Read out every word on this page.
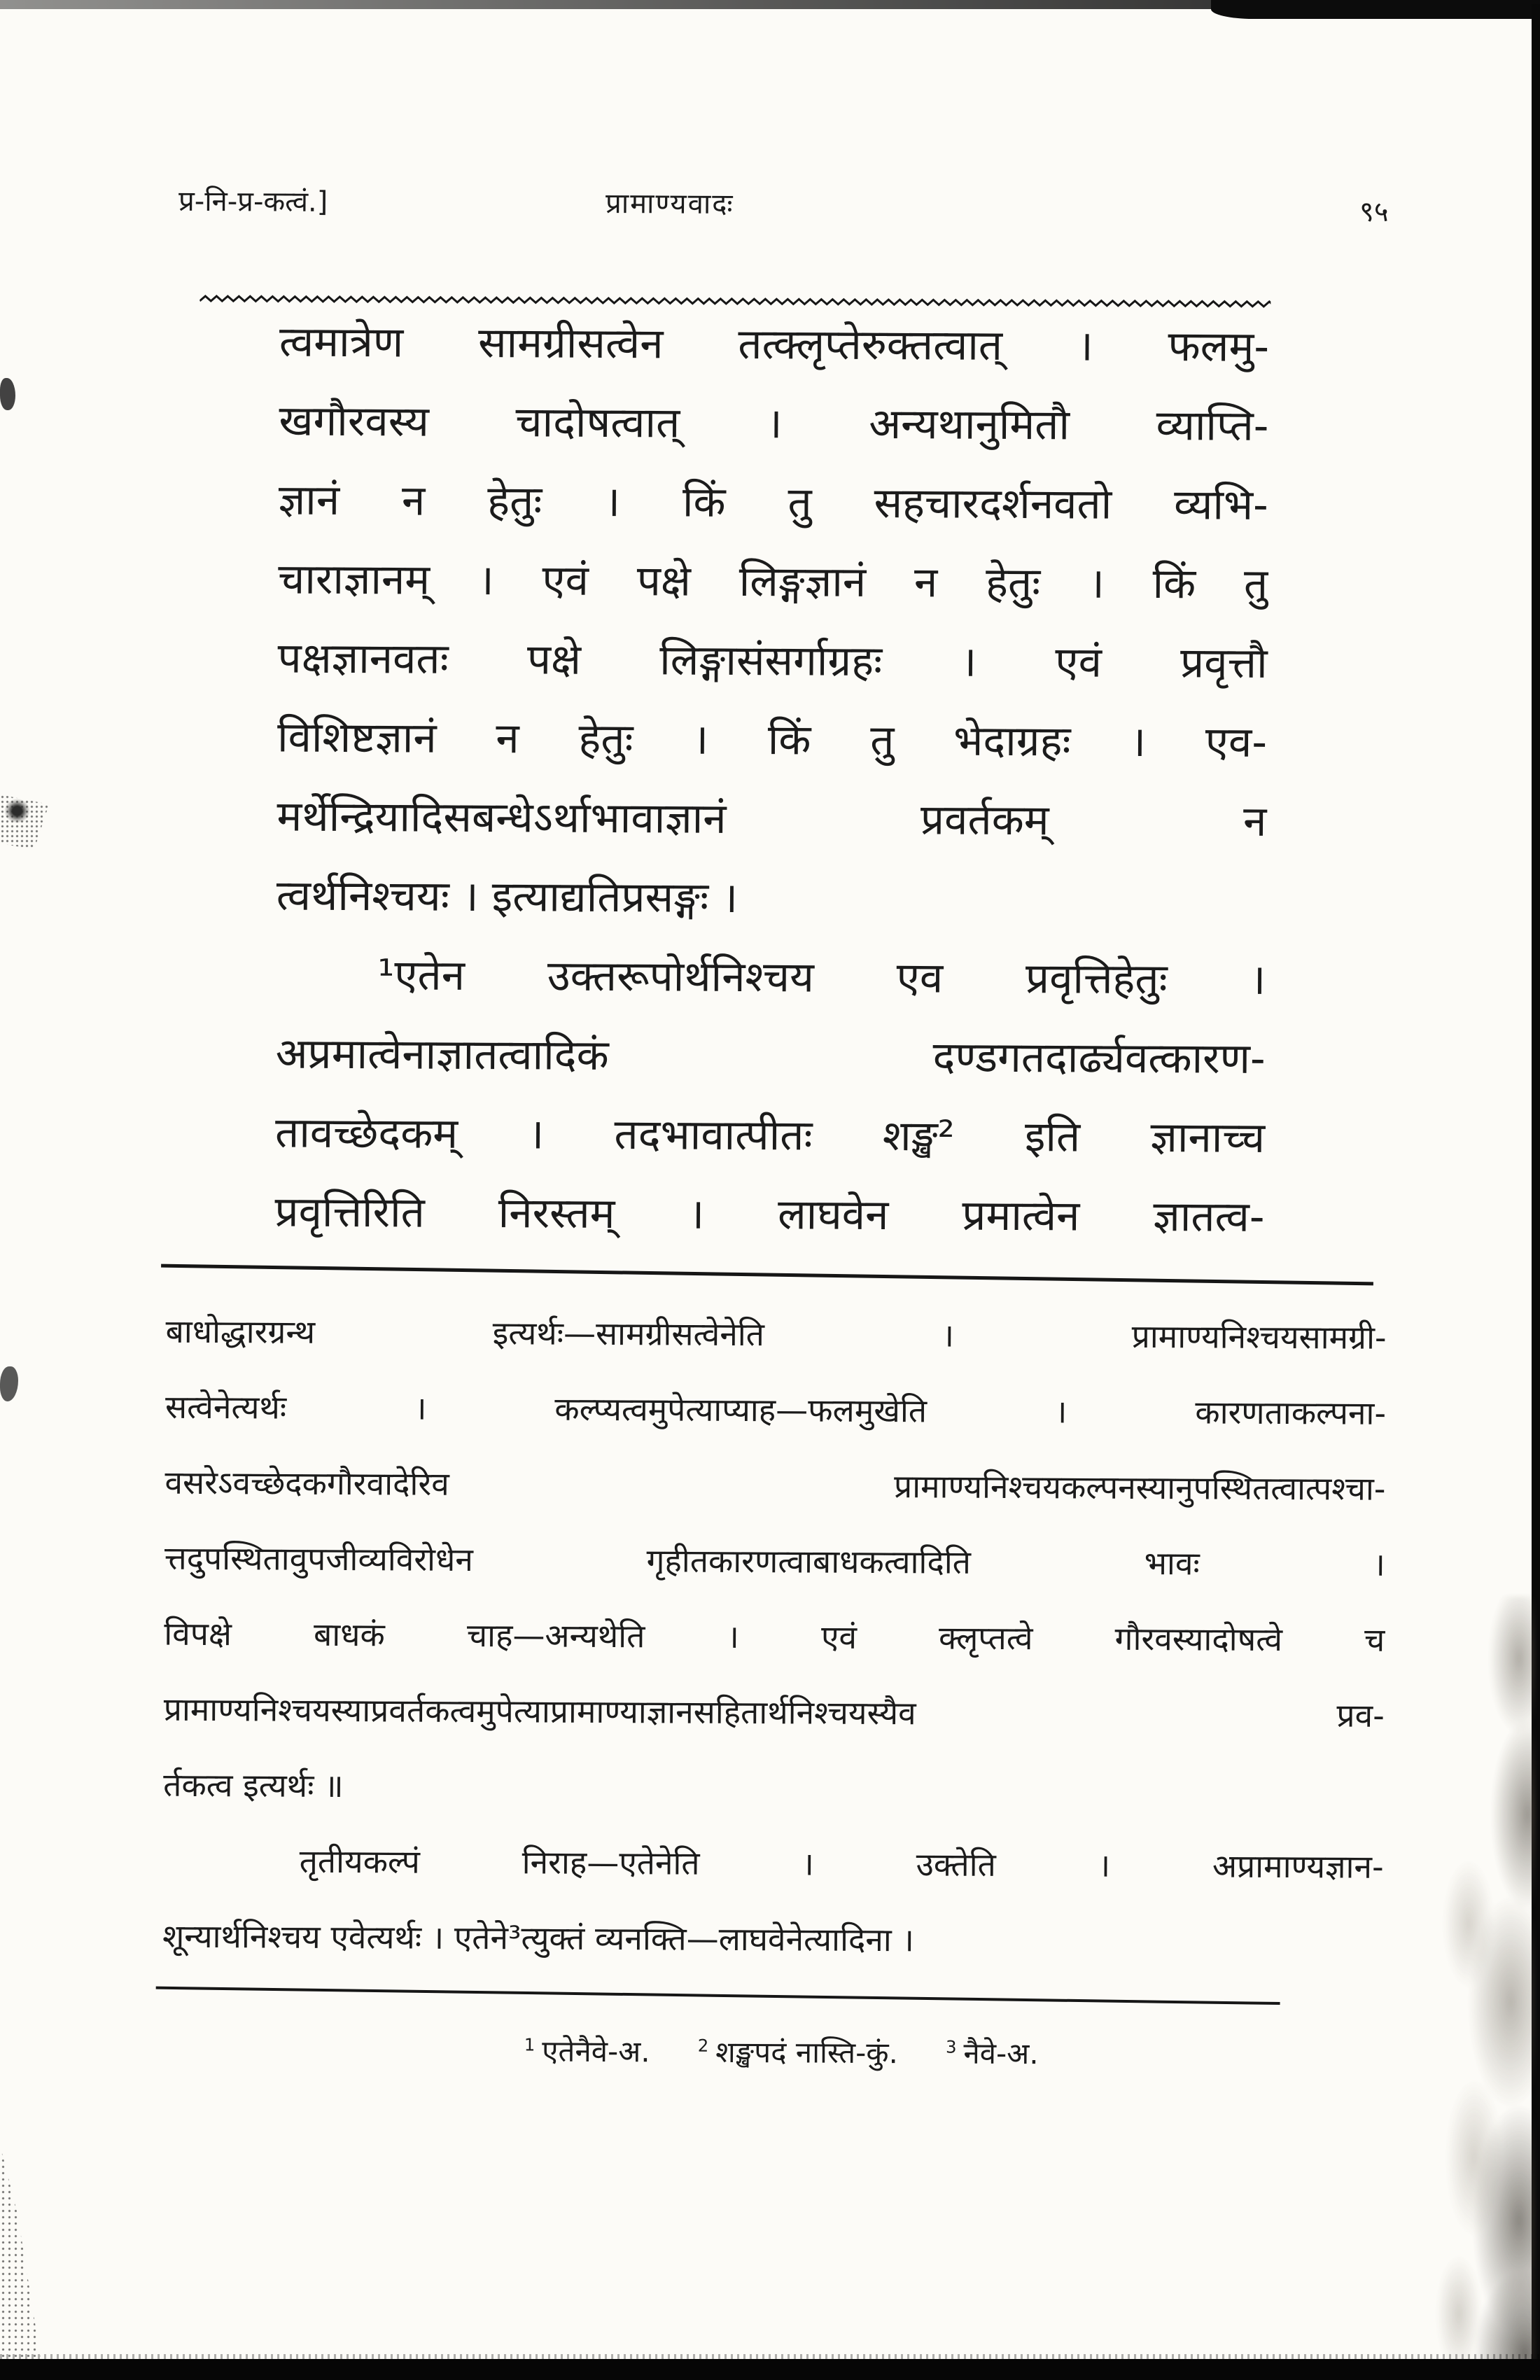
प्र-नि-प्र-कत्वं.]	प्रामाण्यवादः	९५
त्वमात्रेण सामग्रीसत्वेन तत्क्लृप्तेरुक्तत्वात् । फलमु-
खगौरवस्य चादोषत्वात् । अन्यथानुमितौ व्याप्ति-
ज्ञानं न हेतुः । किं तु सहचारदर्शनवतो व्यभि-
चाराज्ञानम् । एवं पक्षे लिङ्गज्ञानं न हेतुः । किं तु
पक्षज्ञानवतः पक्षे लिङ्गासंसर्गाग्रहः । एवं प्रवृत्तौ
विशिष्टज्ञानं न हेतुः । किं तु भेदाग्रहः । एव-
मर्थेन्द्रियादिसबन्धेऽर्थाभावाज्ञानं प्रवर्तकम् न
त्वर्थनिश्चयः । इत्याद्यतिप्रसङ्गः ।
¹एतेन उक्तरूपोर्थनिश्चय एव प्रवृत्तिहेतुः ।
अप्रमात्वेनाज्ञातत्वादिकं दण्डगतदार्ढ्यवत्कारण-
तावच्छेदकम् । तदभावात्पीतः शङ्ख² इति ज्ञानाच्च
प्रवृत्तिरिति निरस्तम् । लाघवेन प्रमात्वेन ज्ञातत्व-
बाधोद्धारग्रन्थ इत्यर्थः—सामग्रीसत्वेनेति । प्रामाण्यनिश्चयसामग्री-
सत्वेनेत्यर्थः । कल्प्यत्वमुपेत्याप्याह—फलमुखेति । कारणताकल्पना-
वसरेऽवच्छेदकगौरवादेरिव प्रामाण्यनिश्चयकल्पनस्यानुपस्थितत्वात्पश्चा-
त्तदुपस्थितावुपजीव्यविरोधेन गृहीतकारणत्वाबाधकत्वादिति भावः ।
विपक्षे बाधकं चाह—अन्यथेति । एवं क्लृप्तत्वे गौरवस्यादोषत्वे च
प्रामाण्यनिश्चयस्याप्रवर्तकत्वमुपेत्याप्रामाण्याज्ञानसहितार्थनिश्चयस्यैव प्रव-
र्तकत्व इत्यर्थः ॥
तृतीयकल्पं निराह—एतेनेति । उक्तेति । अप्रामाण्यज्ञान-
शून्यार्थनिश्चय एवेत्यर्थः । एतेने³त्युक्तं व्यनक्ति—लाघवेनेत्यादिना ।
$^1$ एतेनैवे-अ.	$^2$ शङ्खपदं नास्ति-कुं.	$^3$ नैवे-अ.
